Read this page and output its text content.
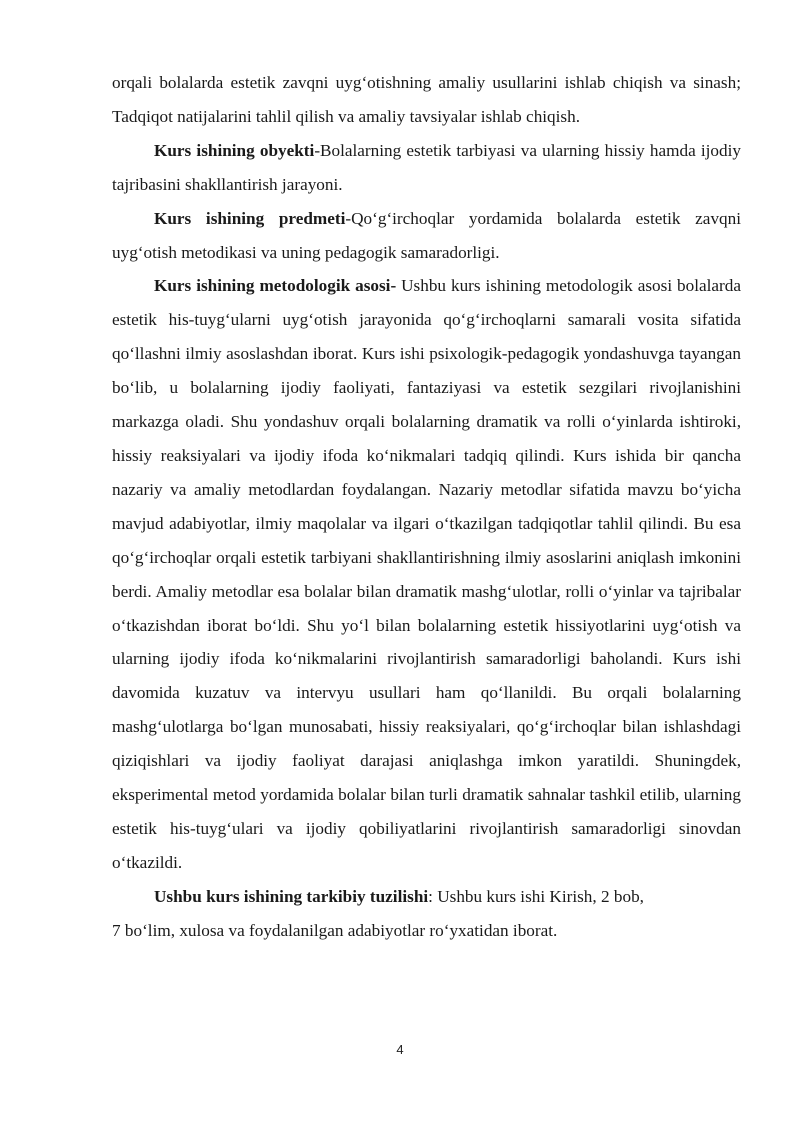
orqali bolalarda estetik zavqni uyg‘otishning amaliy usullarini ishlab chiqish va sinash; Tadqiqot natijalarini tahlil qilish va amaliy tavsiyalar ishlab chiqish.

Kurs ishining obyekti-Bolalarning estetik tarbiyasi va ularning hissiy hamda ijodiy tajribasini shakllantirish jarayoni.

Kurs ishining predmeti-Qo‘g‘irchoqlar yordamida bolalarda estetik zavqni uyg‘otish metodikasi va uning pedagogik samaradorligi.

Kurs ishining metodologik asosi- Ushbu kurs ishining metodologik asosi bolalarda estetik his-tuyg‘ularni uyg‘otish jarayonida qo‘g‘irchoqlarni samarali vosita sifatida qo‘llashni ilmiy asoslashdan iborat. Kurs ishi psixologik-pedagogik yondashuvga tayangan bo‘lib, u bolalarning ijodiy faoliyati, fantaziyasi va estetik sezgilari rivojlanishini markazga oladi. Shu yondashuv orqali bolalarning dramatik va rolli o‘yinlarda ishtiroki, hissiy reaksiyalari va ijodiy ifoda ko‘nikmalari tadqiq qilindi. Kurs ishida bir qancha nazariy va amaliy metodlardan foydalangan. Nazariy metodlar sifatida mavzu bo‘yicha mavjud adabiyotlar, ilmiy maqolalar va ilgari o‘tkazilgan tadqiqotlar tahlil qilindi. Bu esa qo‘g‘irchoqlar orqali estetik tarbiyani shakllantirishning ilmiy asoslarini aniqlash imkonini berdi. Amaliy metodlar esa bolalar bilan dramatik mashg‘ulotlar, rolli o‘yinlar va tajribalar o‘tkazishdan iborat bo‘ldi. Shu yo‘l bilan bolalarning estetik hissiyotlarini uyg‘otish va ularning ijodiy ifoda ko‘nikmalarini rivojlantirish samaradorligi baholandi. Kurs ishi davomida kuzatuv va intervyu usullari ham qo‘llanildi. Bu orqali bolalarning mashg‘ulotlarga bo‘lgan munosabati, hissiy reaksiyalari, qo‘g‘irchoqlar bilan ishlashdagi qiziqishlari va ijodiy faoliyat darajasi aniqlashga imkon yaratildi. Shuningdek, eksperimental metod yordamida bolalar bilan turli dramatik sahnalar tashkil etilib, ularning estetik his-tuyg‘ulari va ijodiy qobiliyatlarini rivojlantirish samaradorligi sinovdan o‘tkazildi.

Ushbu kurs ishining tarkibiy tuzilishi: Ushbu kurs ishi Kirish, 2 bob,

7 bo‘lim, xulosa va foydalanilgan adabiyotlar ro‘yxatidan iborat.

4
